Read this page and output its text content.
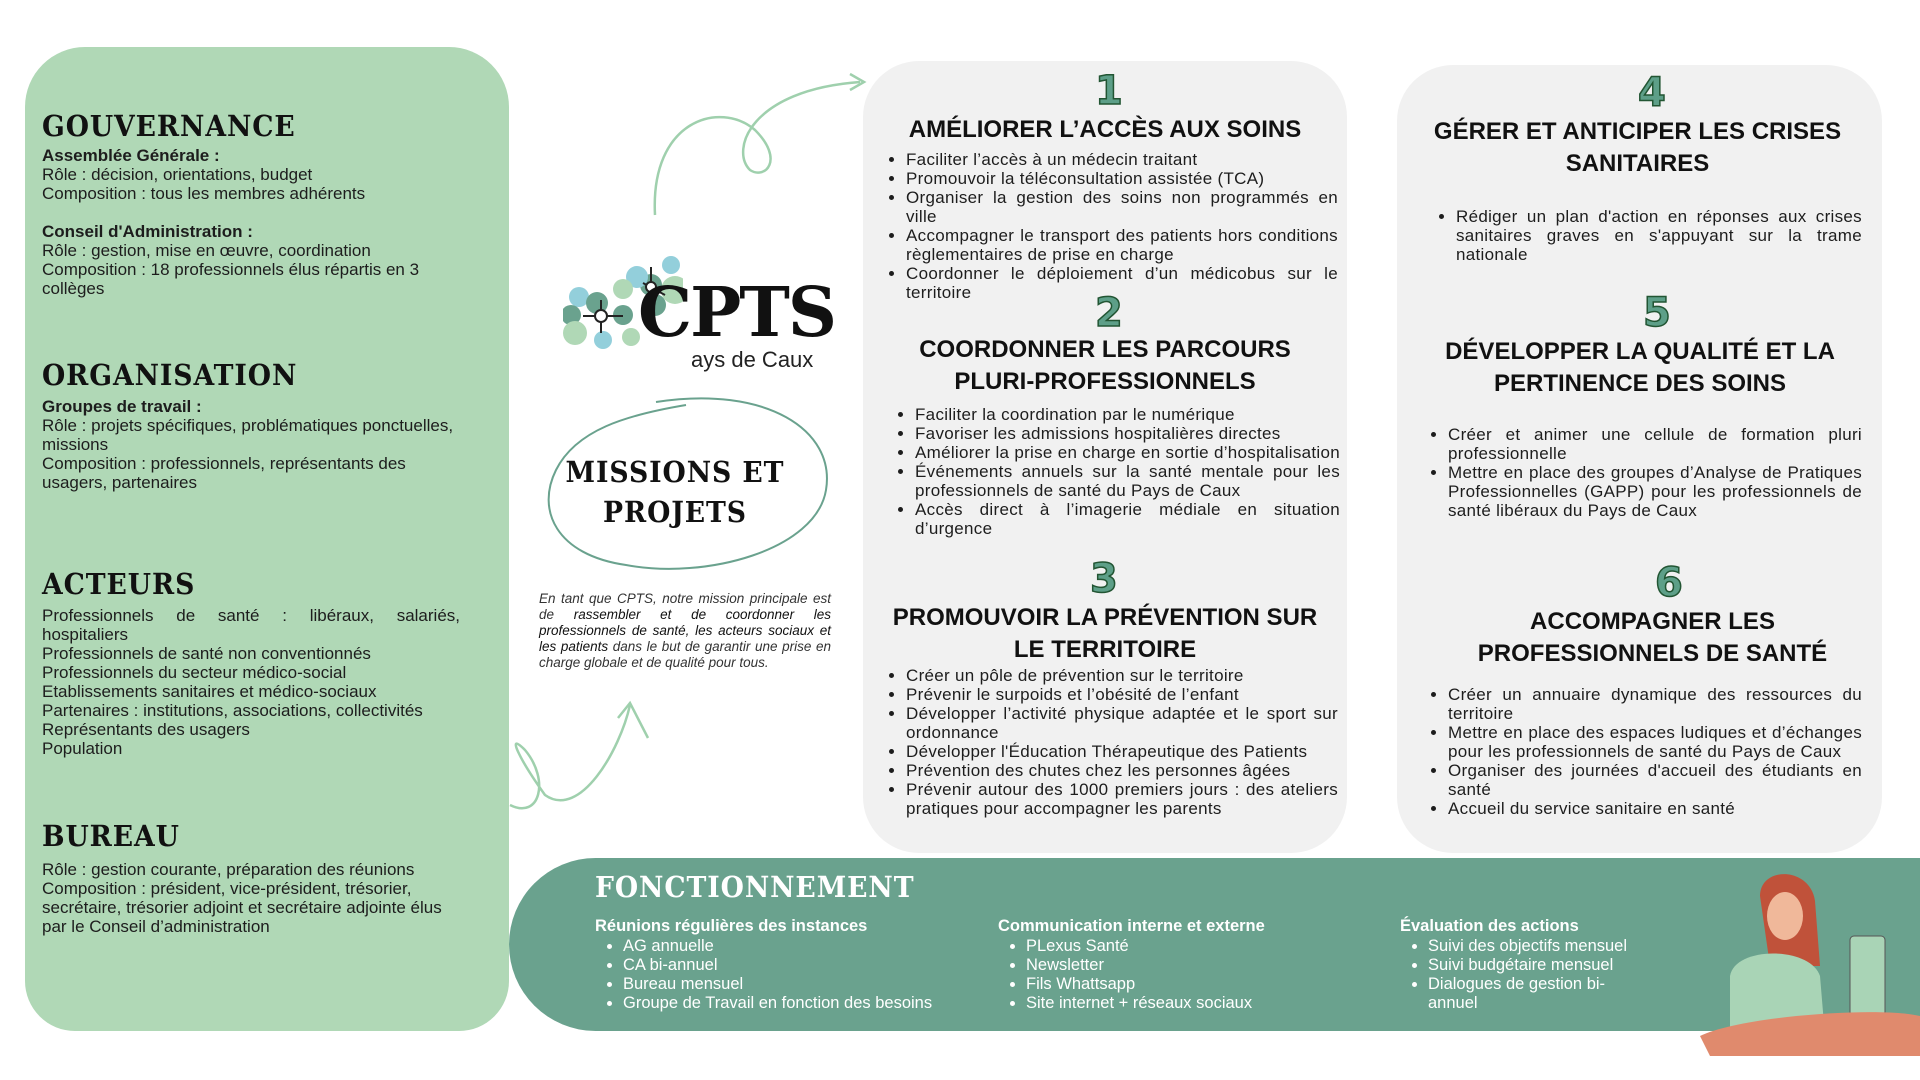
GOUVERNANCE
Assemblée Générale :

Rôle : décision, orientations, budget

Composition : tous les membres adhérents

Conseil d'Administration :

Rôle : gestion, mise en œuvre, coordination

Composition : 18 professionnels élus répartis en 3 collèges

ORGANISATION
Groupes de travail :

Rôle : projets spécifiques, problématiques ponctuelles, missions

Composition : professionnels, représentants des usagers, partenaires

ACTEURS

Professionnels de santé : libéraux, salariés, hospitaliers

Professionnels de santé non conventionnés

Professionnels du secteur médico-social

Etablissements sanitaires et médico-sociaux

Partenaires : institutions, associations, collectivités

Représentants des usagers

Population

BUREAU

Rôle : gestion courante, préparation des réunions

Composition : président, vice-président, trésorier, secrétaire, trésorier adjoint et secrétaire adjointe élus par le Conseil d’administration

CPTS
ays de Caux
MISSIONS ET
PROJETS
En tant que CPTS, notre mission principale est de rassembler et de coordonner les professionnels de santé, les acteurs sociaux et les patients dans le but de garantir une prise en charge globale et de qualité pour tous.
1
AMÉLIORER L’ACCÈS AUX SOINS
• Faciliter l’accès à un médecin traitant
• Promouvoir la téléconsultation assistée (TCA)
• Organiser la gestion des soins non programmés en ville
• Accompagner le transport des patients hors conditions règlementaires de prise en charge
• Coordonner le déploiement d’un médicobus sur le territoire	2
COORDONNER LES PARCOURS PLURI-PROFESSIONNELS
• Faciliter la coordination par le numérique
• Favoriser les admissions hospitalières directes
• Améliorer la prise en charge en sortie d’hospitalisation
• Événements annuels sur la santé mentale pour les professionnels de santé du Pays de Caux
• Accès direct à l’imagerie médiale en situation d’urgence
3
PROMOUVOIR LA PRÉVENTION SUR LE TERRITOIRE
• Créer un pôle de prévention sur le territoire
• Prévenir le surpoids et l’obésité de l’enfant
• Développer l’activité physique adaptée et le sport sur ordonnance
• Développer l'Éducation Thérapeutique des Patients
• Prévention des chutes chez les personnes âgées
• Prévenir autour des 1000 premiers jours : des ateliers pratiques pour accompagner les parents
4
GÉRER ET ANTICIPER LES CRISES SANITAIRES
• Rédiger un plan d'action en réponses aux crises sanitaires graves en s'appuyant sur la trame nationale
5
DÉVELOPPER LA QUALITÉ ET LA PERTINENCE DES SOINS
• Créer et animer une cellule de formation pluri professionnelle
• Mettre en place des groupes d’Analyse de Pratiques Professionnelles (GAPP) pour les professionnels de santé libéraux du Pays de Caux
6
ACCOMPAGNER LES PROFESSIONNELS DE SANTÉ
• Créer un annuaire dynamique des ressources du territoire
• Mettre en place des espaces ludiques et d’échanges pour les professionnels de santé du Pays de Caux
• Organiser des journées d'accueil des étudiants en santé
• Accueil du service sanitaire en santé
FONCTIONNEMENT
Réunions régulières des instances
• AG annuelle
• CA bi-annuel
• Bureau mensuel
• Groupe de Travail en fonction des besoins
Communication interne et externe
• PLexus Santé
• Newsletter
• Fils Whattsapp
• Site internet + réseaux sociaux
Évaluation des actions
• Suivi des objectifs mensuel
• Suivi budgétaire mensuel
• Dialogues de gestion bi-annuel
